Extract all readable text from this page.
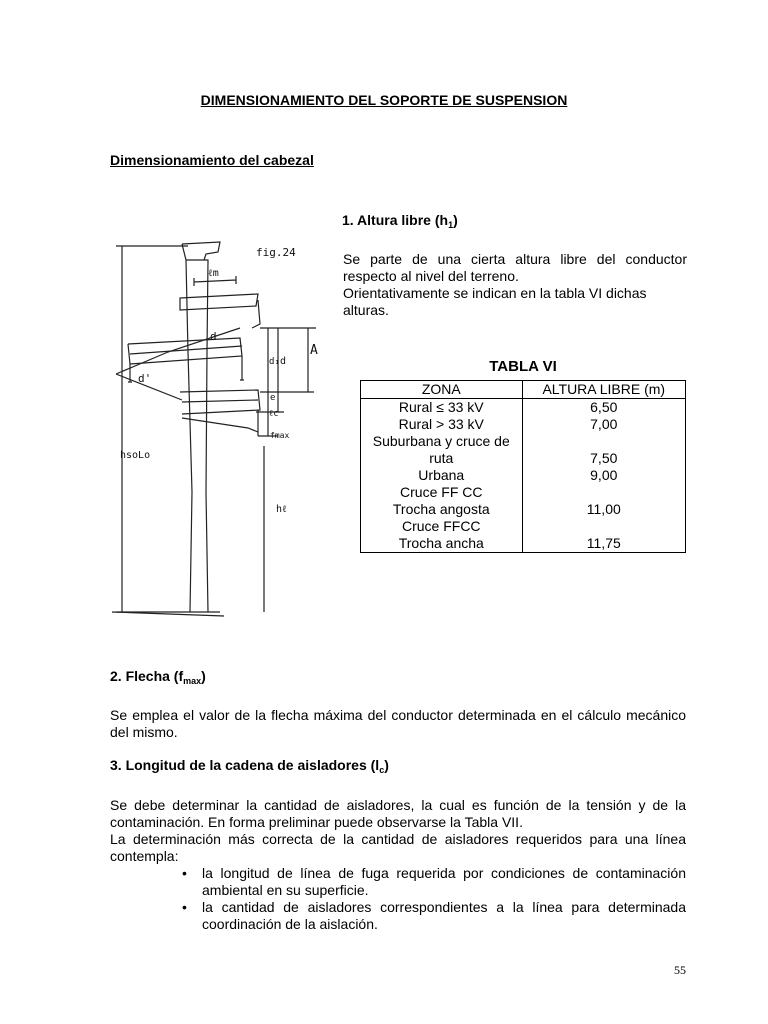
DIMENSIONAMIENTO DEL SOPORTE DE SUSPENSION
Dimensionamiento del cabezal
1. Altura libre $(h_1)$
Se parte de una cierta altura libre del conductor respecto al nivel del terreno.
Orientativamente se indican en la tabla VI dichas alturas.
fig.24
ℓm
d
d'
A
d₁ d
e
ℓc
fmax
hsoLo
hℓ
TABLA VI
ZONA	ALTURA LIBRE (m)

Rural ≤ 33 kV	6,50

Rural > 33 kV	7,00

Suburbana y cruce de
ruta	7,50

Urbana	9,00

Cruce FF CC
Trocha angosta	11,00

Cruce FFCC
Trocha ancha	11,75
2. Flecha $(f_{max})$
Se emplea el valor de la flecha máxima del conductor determinada en el cálculo mecánico del mismo.
3. Longitud de la cadena de aisladores $(l_c)$
Se debe determinar la cantidad de aisladores, la cual es función de la tensión y de la contaminación. En forma preliminar puede observarse la Tabla VII.
La determinación más correcta de la cantidad de aisladores requeridos para una línea contempla:
• la longitud de línea de fuga requerida por condiciones de contaminación ambiental en su superficie.
• la cantidad de aisladores correspondientes a la línea para determinada coordinación de la aislación.
55
